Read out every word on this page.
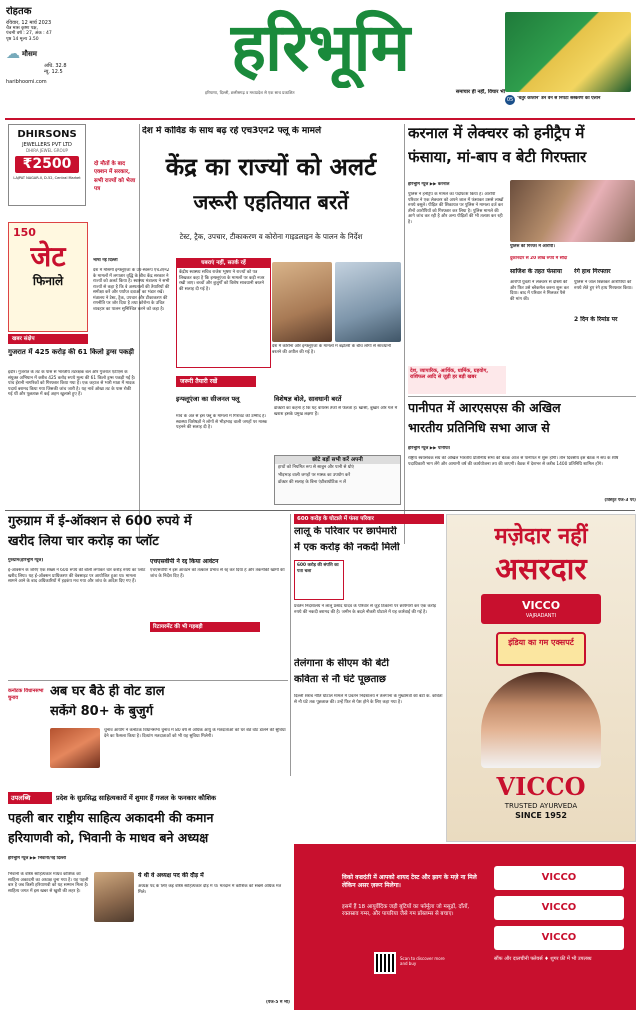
रोहतक
रविवार, 12 मार्च 2023
चैत्र मास कृष्ण पक्ष,
पंचमी वर्ष : 27, अंक : 47
पृष्ठ 14 मूल्य 3.50
☁ मौसम
अधि. 32.8
न्यू. 12.5
haribhoomi.com	हरिभूमि
हरियाणा, दिल्ली, छत्तीसगढ़ व मध्यप्रदेश से एक साथ प्रकाशित	समाचार ही नहीं, विचार भी
05 'चतुर कप्तान' डेन वैन से निपटा संस्करण का ऐलान
DHIRSONS
JEWELLERS PVT LTD
DHIRA JEWEL GROUP
₹2500
LAJPAT NAGAR-II, D-52, Central Market
150
जेट
फिनाले
दो मौतों के बाद एक्शन में सरकार, सभी राज्यों को भेजा पत्र
खबर संक्षेप
गुजरात में 425 करोड़ की 61 किलो ड्रग्स पकड़ी
इंदौर। गुजरात के तट के पास से भारतीय तटरक्षक बल और गुजरात एटीएस के संयुक्त अभियान में करीब 425 करोड़ रुपये मूल्य की 61 किलो ड्रग्स पकड़ी गई है। पांच ईरानी नागरिकों को गिरफ्तार किया गया है। एक जहाज से भारी मात्रा में मादक पदार्थ बरामद किया गया जिसकी जांच जारी है। यह नावें ओखा तट के पास रोकी गई थीं और पूछताछ में कई अहम खुलासे हुए हैं।
देश में कोविड के साथ बढ़ रहे एच3एन2 फ्लू के मामले
केंद्र का राज्यों को अलर्ट
जरूरी एहतियात बरतें
टेस्ट, ट्रैक, उपचार, टीकाकरण व कोरोना गाइडलाइन के पालन के निर्देश
भाषा नई दिल्ली
देश में मौसमी इन्फ्लूएंजा के उप-स्वरूप एच3एन2 के मामलों में लगातार वृद्धि के बीच केंद्र सरकार ने राज्यों को अलर्ट किया है। स्वास्थ्य मंत्रालय ने सभी राज्यों से कहा है कि वे अस्पतालों की तैयारियों की समीक्षा करें और पर्याप्त दवाओं का भंडार रखें। मंत्रालय ने टेस्ट, ट्रैक, उपचार और टीकाकरण की रणनीति पर जोर दिया है तथा कोरोना के उचित व्यवहार का पालन सुनिश्चित करने को कहा है।
घबराएं नहीं, सतर्क रहें
केंद्रीय स्वास्थ्य सचिव राजेश भूषण ने राज्यों को पत्र लिखकर कहा है कि इन्फ्लूएंजा के मामलों पर कड़ी नजर रखी जाए। बच्चों और बुजुर्गों को विशेष सावधानी बरतने की सलाह दी गई है।
देश में कोरोना और इन्फ्लूएंजा के मामलों में बढ़ोतरी के बीच लोगों से सावधानी बरतने की अपील की गई है।
जरूरी तैयारी रखें
इन्फ्लूएंजा का सीजनल फ्लू
मार्च के अंत से इस फ्लू के मामलों में गिरावट की उम्मीद है। स्वास्थ्य विशेषज्ञों ने लोगों से भीड़भाड़ वाली जगहों पर मास्क पहनने की सलाह दी है।
विशेषज्ञ बोले, सावधानी बरतें
डॉक्टरों का कहना है कि यह वायरस तेजी से फैलता है। खांसी, बुखार और गले में खराश इसके प्रमुख लक्षण हैं।
छोटे बड़ों सभी करें अपनी
हाथों को नियमित रूप से साबुन और पानी से धोएं
भीड़भाड़ वाली जगहों पर मास्क का उपयोग करें
डॉक्टर की सलाह के बिना एंटीबायोटिक न लें
करनाल में लेक्चरर को हनीट्रैप में
फंसाया, मां-बाप व बेटी गिरफ्तार
हरिभूमि न्यूज ▶▶ करनाल
पुलिस ने हनीट्रैप के मामले का पर्दाफाश किया है। आरोपी परिवार ने एक लेक्चरर को अपने जाल में फंसाकर उससे लाखों रुपये वसूले। पीड़ित की शिकायत पर पुलिस ने मामला दर्ज कर तीनों आरोपियों को गिरफ्तार कर लिया है। पुलिस मामले की आगे जांच कर रही है और अन्य पीड़ितों की भी तलाश कर रही है।
पुलिस की गिरफ्त में आरोपी।
दुकानदार से 20 लाख रुपये में सौदा
साजिश के तहत फंसाया
आरोपी युवती ने लेक्चरर से दोस्ती की और फिर उसे ब्लैकमेल करना शुरू कर दिया। बाद में परिवार ने मिलकर पैसे की मांग की।
रंगे हाथ गिरफ्तार
पुलिस ने जाल बिछाकर आरोपियों को रुपये लेते हुए रंगे हाथ गिरफ्तार किया।
2 दिन के रिमांड पर
देश, व्यापारिक, आर्थिक, धार्मिक, ग्रहयोग, राशिफल आदि से जुड़ी हर बड़ी खबर
पानीपत में आरएसएस की अखिल
भारतीय प्रतिनिधि सभा आज से
हरिभूमि न्यूज ▶▶ पानीपत
राष्ट्रीय स्वयंसेवक संघ की अखिल भारतीय प्रतिनिधि सभा की बैठक आज से पानीपत में शुरू होगी। तीन दिवसीय इस बैठक में संघ के शीर्ष पदाधिकारी भाग लेंगे और आगामी वर्ष की कार्ययोजना तय की जाएगी। बैठक में देशभर से करीब 1400 प्रतिनिधि शामिल होंगे।
(विस्तृत पेज-3 पर)
गुरुग्राम में ई-ऑक्शन से 600 रुपये में
खरीद लिया चार करोड़ का प्लॉट
गुरुग्राम(हरिभूमि न्यूज)
ई-ऑक्शन के जरिए एक शख्स ने 600 रुपये की बोली लगाकर चार करोड़ रुपये का प्लॉट खरीद लिया। यह ई-ऑक्शन प्राधिकरण की वेबसाइट पर आयोजित हुआ था। मामला सामने आने के बाद अधिकारियों में हड़कंप मच गया और जांच के आदेश दिए गए हैं।
एचएसवीपी ने रद्द किया आवंटन
एचएसवीपी ने इस आवंटन को तत्काल प्रभाव से रद्द कर दिया है और तकनीकी खामी की जांच के निर्देश दिए हैं।
रिटायरमेंट की भी गड़बड़ी
कर्नाटक विधानसभा चुनाव	अब घर बैठे ही वोट डाल
सकेंगे 80+ के बुजुर्ग
चुनाव आयोग ने कर्नाटक विधानसभा चुनाव में 80 वर्ष से अधिक आयु के मतदाताओं को घर बैठे वोट डालने की सुविधा देने का फैसला किया है। दिव्यांग मतदाताओं को भी यह सुविधा मिलेगी।
600 करोड़ के घोटाले में फंसा परिवार
लालू के परिवार पर छापेमारी
में एक करोड़ की नकदी मिली
600 करोड़ की संपत्ति का पता चला
प्रवर्तन निदेशालय ने लालू प्रसाद यादव के परिवार से जुड़े ठिकानों पर छापेमारी कर एक करोड़ रुपये की नकदी बरामद की है। जमीन के बदले नौकरी घोटाले में यह कार्रवाई की गई है।
तेलंगाना के सीएम की बेटी
कविता से नौ घंटे पूछताछ
दिल्ली शराब नीति घोटाले मामले में प्रवर्तन निदेशालय ने तेलंगाना के मुख्यमंत्री की बेटी के. कविता से नौ घंटे तक पूछताछ की। उन्हें फिर से पेश होने के लिए कहा गया है।
मज़ेदार नहीं
असरदार
VICCO
VAJRADANTI
इंडिया का गम एक्सपर्ट
VICCO
TRUSTED AYURVEDA
SINCE 1952
विको वज्रदंती में आपको शायद टेस्ट और झाग के मज़े ना मिले लेकिन असर ज़रूर मिलेगा।
इसमें हैं 18 आयुर्वेदिक जड़ी बूटियों का फॉर्मूला जो मसूढ़ों, दाँतों, रक्तस्राव गम्स, और पायरिया जैसे गम प्रॉब्लम्स से बचाए।
VICCO
VICCO
VICCO
Scan to discover more and buy
सौंफ और दालचीनी फ्लेवर्स ♦ शुगर फ्री में भी उपलब्ध
उपलब्धि	प्रदेश के सुप्रसिद्ध साहित्यकारों में शुमार हैं गजल के फनकार कौशिक
पहली बार राष्ट्रीय साहित्य अकादमी की कमान
हरियाणवी को, भिवानी के माधव बने अध्यक्ष
हरिभूमि न्यूज ▶▶ भिवानी/नई दिल्ली
भिवानी के वरिष्ठ साहित्यकार माधव कौशिक को साहित्य अकादमी का अध्यक्ष चुना गया है। यह पहली बार है जब किसी हरियाणवी को यह सम्मान मिला है। साहित्य जगत में इस खबर से खुशी की लहर है।
ये थी वे अध्यक्ष पद की दौड़ में
अध्यक्ष पद के लिए कई वरिष्ठ साहित्यकार दौड़ में थे। मतदान में कौशिक को सबसे अधिक मत मिले।
(पेज-5 में भी)
